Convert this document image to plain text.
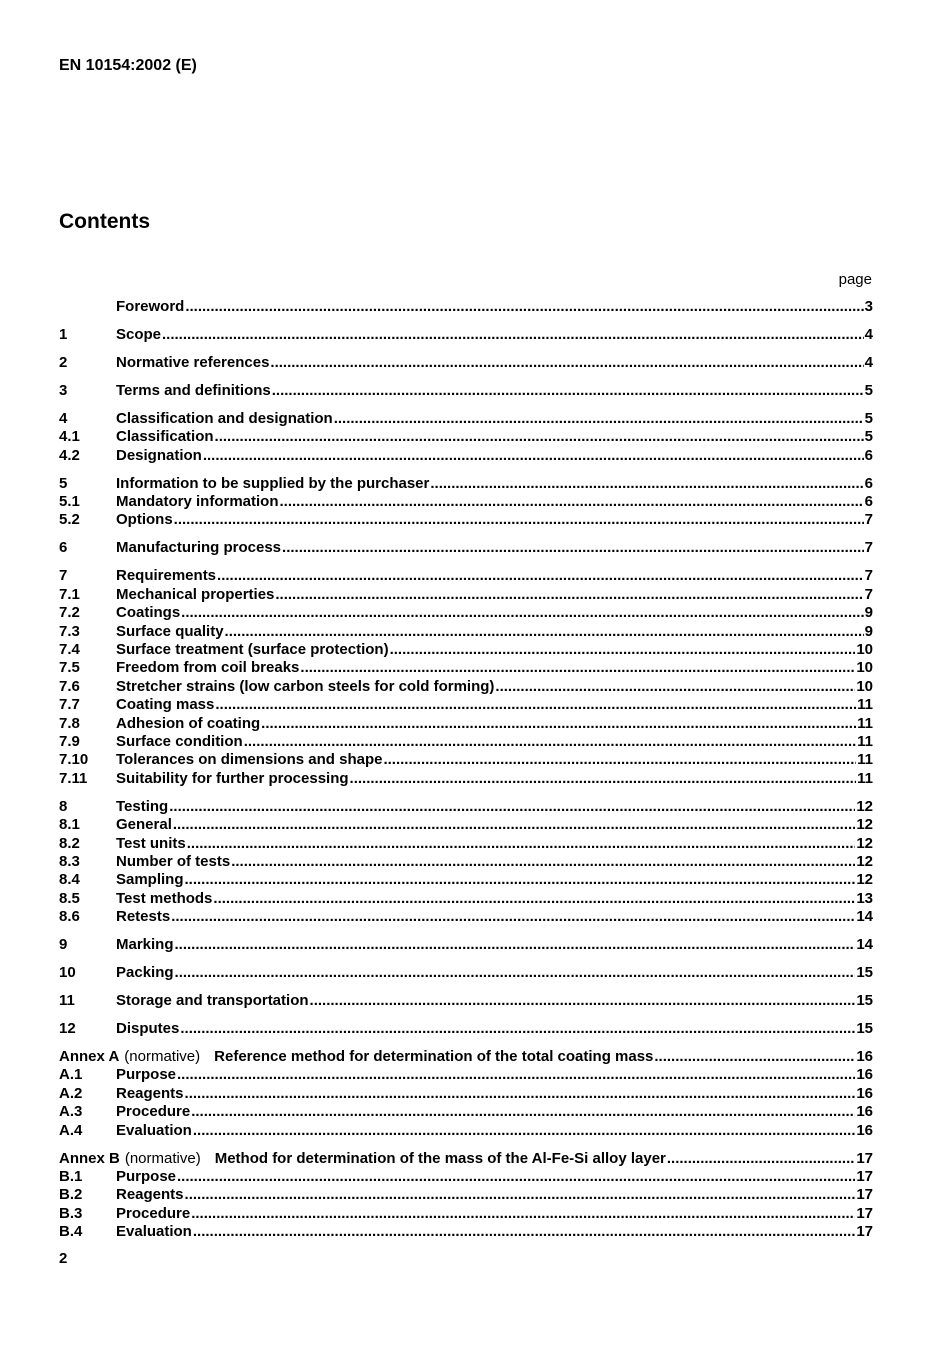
EN 10154:2002 (E)
Contents
page
Foreword .....	3
1	Scope .....	4
2	Normative references .....	4
3	Terms and definitions .....	5
4	Classification and designation .....	5
4.1	Classification .....	5
4.2	Designation .....	6
5	Information to be supplied by the purchaser .....	6
5.1	Mandatory information .....	6
5.2	Options .....	7
6	Manufacturing process .....	7
7	Requirements .....	7
7.1	Mechanical properties .....	7
7.2	Coatings .....	9
7.3	Surface quality .....	9
7.4	Surface treatment (surface protection) .....	10
7.5	Freedom from coil breaks .....	10
7.6	Stretcher strains (low carbon steels for cold forming) .....	10
7.7	Coating mass .....	11
7.8	Adhesion of coating .....	11
7.9	Surface condition .....	11
7.10	Tolerances on dimensions and shape .....	11
7.11	Suitability for further processing .....	11
8	Testing .....	12
8.1	General .....	12
8.2	Test units .....	12
8.3	Number of tests .....	12
8.4	Sampling .....	12
8.5	Test methods .....	13
8.6	Retests .....	14
9	Marking .....	14
10	Packing .....	15
11	Storage and transportation .....	15
12	Disputes .....	15
Annex A (normative) Reference method for determination of the total coating mass .....	16
A.1	Purpose .....	16
A.2	Reagents .....	16
A.3	Procedure .....	16
A.4	Evaluation .....	16
Annex B (normative) Method for determination of the mass of the Al-Fe-Si alloy layer .....	17
B.1	Purpose .....	17
B.2	Reagents .....	17
B.3	Procedure .....	17
B.4	Evaluation .....	17
2
